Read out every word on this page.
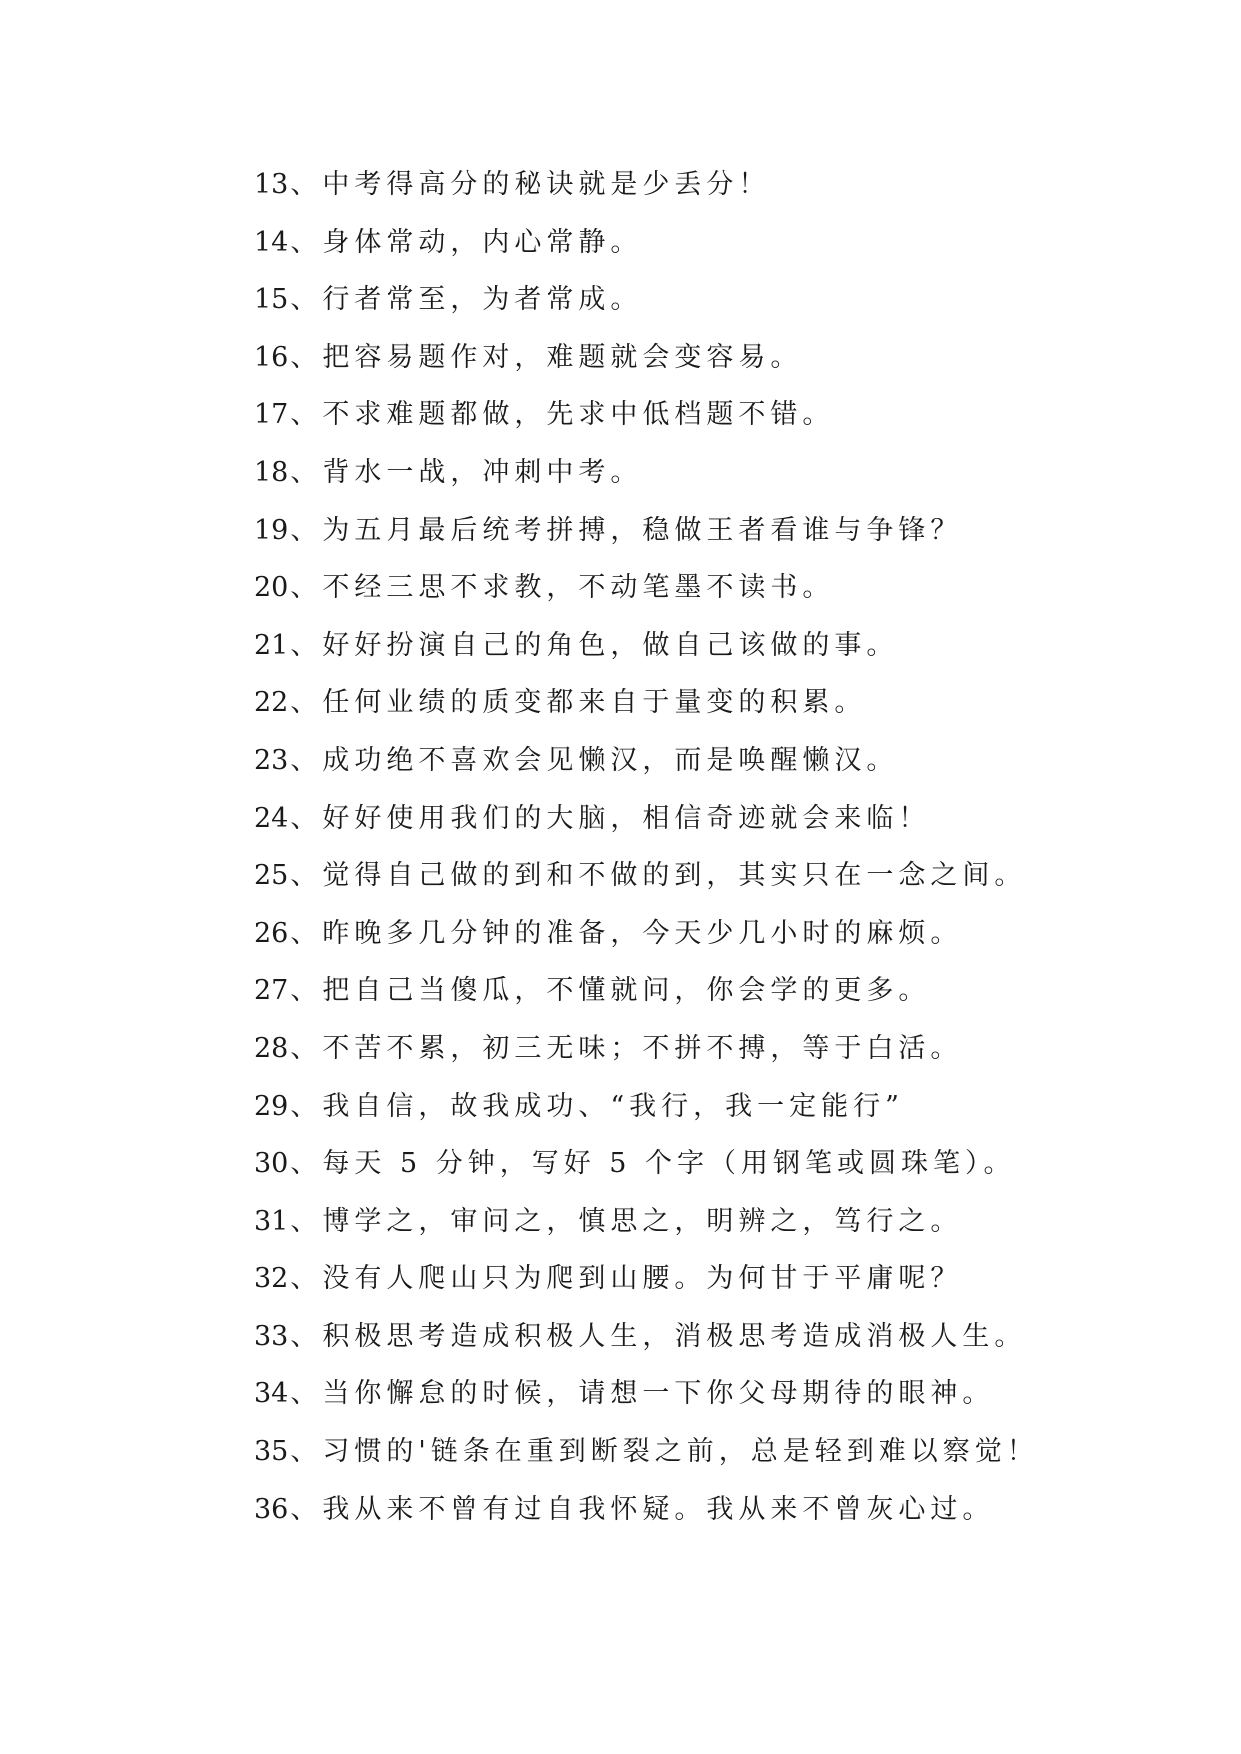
13、中考得高分的秘诀就是少丢分！
14、身体常动，内心常静。
15、行者常至，为者常成。
16、把容易题作对，难题就会变容易。
17、不求难题都做，先求中低档题不错。
18、背水一战，冲刺中考。
19、为五月最后统考拼搏，稳做王者看谁与争锋？
20、不经三思不求教，不动笔墨不读书。
21、好好扮演自己的角色，做自己该做的事。
22、任何业绩的质变都来自于量变的积累。
23、成功绝不喜欢会见懒汉，而是唤醒懒汉。
24、好好使用我们的大脑，相信奇迹就会来临！
25、觉得自己做的到和不做的到，其实只在一念之间。
26、昨晚多几分钟的准备，今天少几小时的麻烦。
27、把自己当傻瓜，不懂就问，你会学的更多。
28、不苦不累，初三无味；不拼不搏，等于白活。
29、我自信，故我成功、“我行，我一定能行”
30、每天 5 分钟，写好 5 个字（用钢笔或圆珠笔）。
31、博学之，审问之，慎思之，明辨之，笃行之。
32、没有人爬山只为爬到山腰。为何甘于平庸呢？
33、积极思考造成积极人生，消极思考造成消极人生。
34、当你懈怠的时候，请想一下你父母期待的眼神。
35、习惯的'链条在重到断裂之前，总是轻到难以察觉！
36、我从来不曾有过自我怀疑。我从来不曾灰心过。
